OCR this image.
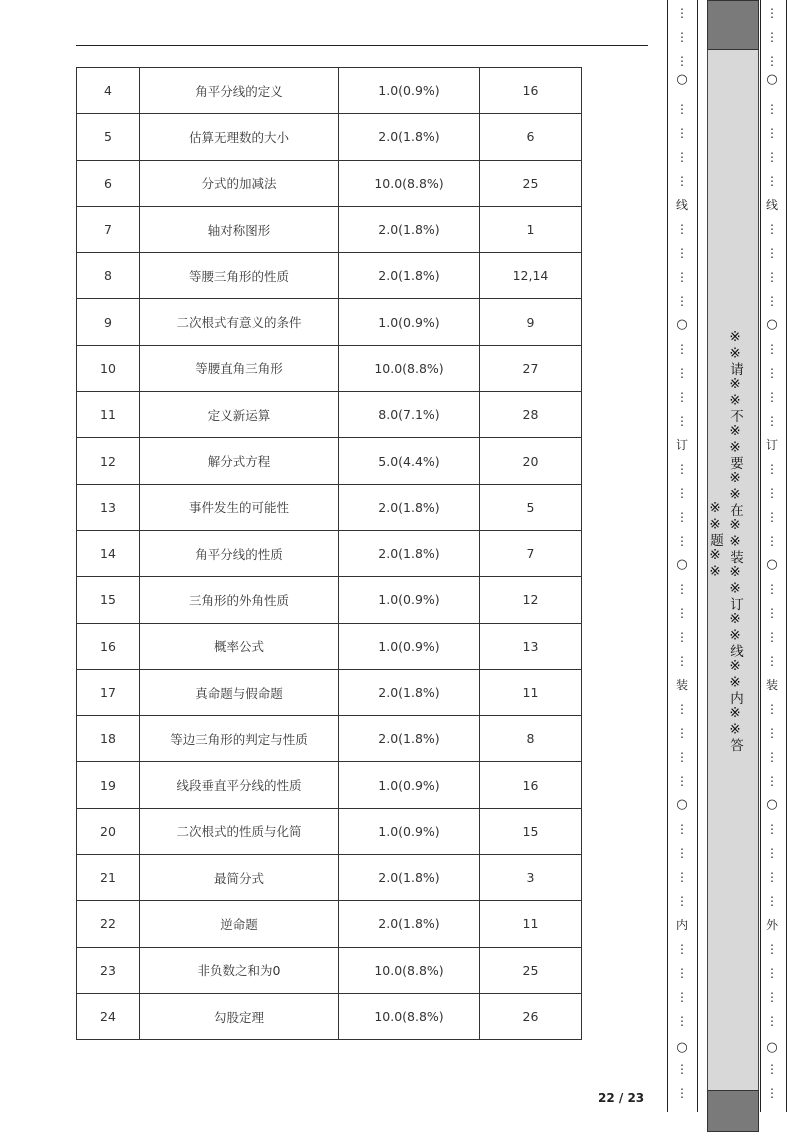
4	角平分线的定义	1.0(0.9%)	16
5	估算无理数的大小	2.0(1.8%)	6
6	分式的加减法	10.0(8.8%)	25
7	轴对称图形	2.0(1.8%)	1
8	等腰三角形的性质	2.0(1.8%)	12,14
9	二次根式有意义的条件	1.0(0.9%)	9
10	等腰直角三角形	10.0(8.8%)	27
11	定义新运算	8.0(7.1%)	28
12	解分式方程	5.0(4.4%)	20
13	事件发生的可能性	2.0(1.8%)	5
14	角平分线的性质	2.0(1.8%)	7
15	三角形的外角性质	1.0(0.9%)	12
16	概率公式	1.0(0.9%)	13
17	真命题与假命题	2.0(1.8%)	11
18	等边三角形的判定与性质	2.0(1.8%)	8
19	线段垂直平分线的性质	1.0(0.9%)	16
20	二次根式的性质与化简	1.0(0.9%)	15
21	最简分式	2.0(1.8%)	3
22	逆命题	2.0(1.8%)	11
23	非负数之和为0	10.0(8.8%)	25
24	勾股定理	10.0(8.8%)	26
22 / 23
⋮
⋮
⋮
⋮
⋮
⋮
⋮
⋮
⋮
⋮
⋮
⋮
⋮
⋮
⋮
⋮
⋮
⋮
⋮
⋮
⋮
⋮
⋮
⋮
⋮
⋮
⋮
⋮
⋮
⋮
⋮
⋮
⋮
⋮
⋮
⋮
⋮
○
线
○
订
○
装
○
内
○
※※请※※不※※要※※在※※装※※订※※线※※内※※答※※题※※
⋮
⋮
⋮
⋮
⋮
⋮
⋮
⋮
⋮
⋮
⋮
⋮
⋮
⋮
⋮
⋮
⋮
⋮
⋮
⋮
⋮
⋮
⋮
⋮
⋮
⋮
⋮
⋮
⋮
⋮
⋮
⋮
⋮
⋮
⋮
⋮
⋮
○
线
○
订
○
装
○
外
○
